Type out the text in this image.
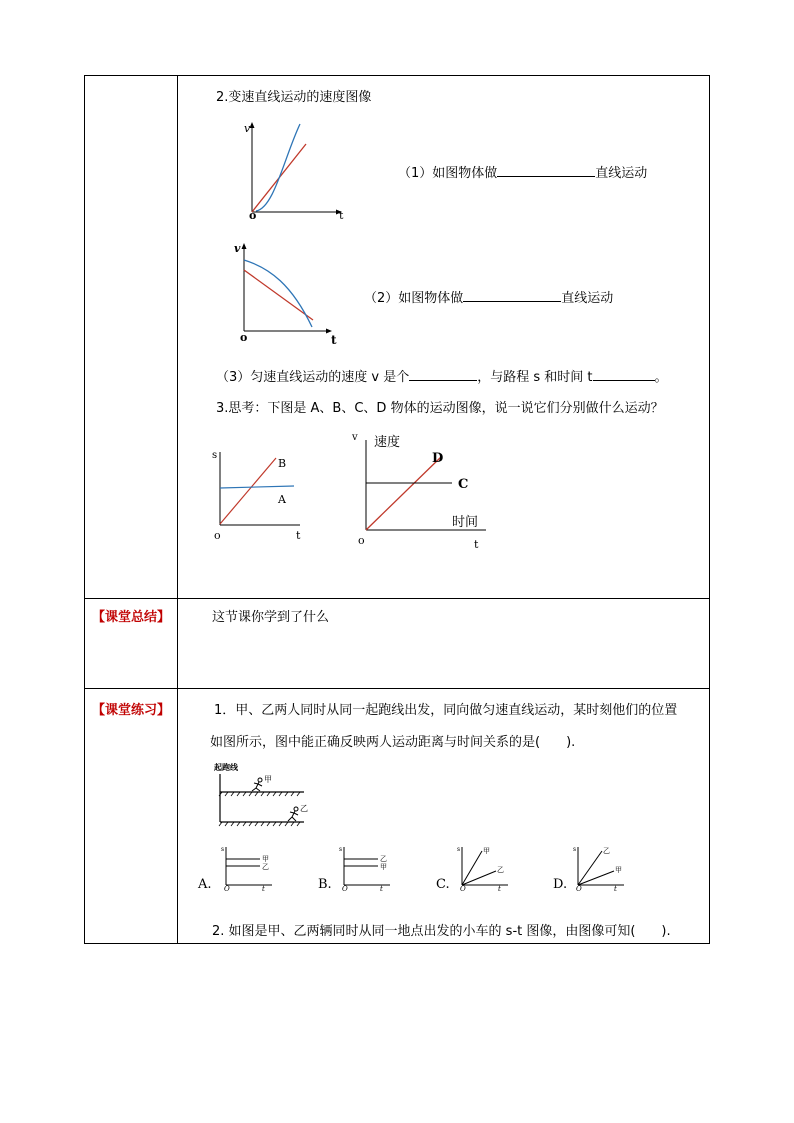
2.变速直线运动的速度图像
v
o	t
（1）如图物体做	直线运动
v
o	t
（2）如图物体做	直线运动
（3）匀速直线运动的速度 v 是个	，与路程 s 和时间 t	。
3.思考：下图是 A、B、C、D 物体的运动图像，说一说它们分别做什么运动？
s
B
A
o	t
v 速度
D
C
时间
o	t
【课堂总结】	这节课你学到了什么
【课堂练习】	1．甲、乙两人同时从同一起跑线出发，同向做匀速直线运动，某时刻他们的位置
如图所示，图中能正确反映两人运动距离与时间关系的是(　　).
起跑线
甲
乙
A.
s
甲
乙
O	t	B.
s
乙
甲
O	t	C.
s	甲
乙
O	t	D.
s	乙
甲
O	t
2. 如图是甲、乙两辆同时从同一地点出发的小车的 s-t 图像，由图像可知(　　).
